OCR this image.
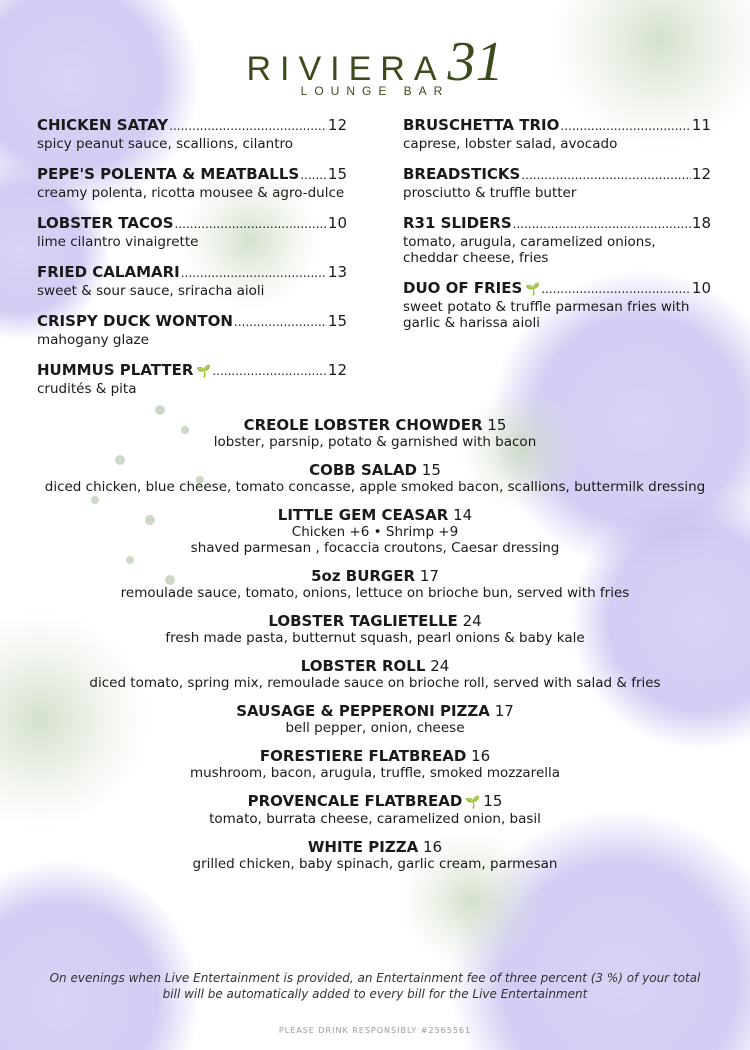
RIVIERA31
LOUNGE BAR
CHICKEN SATAY .....	12
spicy peanut sauce, scallions, cilantro
PEPE'S POLENTA & MEATBALLS ..... 15
creamy polenta, ricotta mousee & agro-dulce
LOBSTER TACOS .....	10
lime cilantro vinaigrette
FRIED CALAMARI .....	13
sweet & sour sauce, sriracha aioli
CRISPY DUCK WONTON .....	15
mahogany glaze
HUMMUS PLATTER 🌱 .....	12
crudités & pita
BRUSCHETTA TRIO .....	11
caprese, lobster salad, avocado
BREADSTICKS .....	12
prosciutto & truffle butter
R31 SLIDERS .....	18
tomato, arugula, caramelized onions, cheddar cheese, fries
DUO OF FRIES 🌱 .....	10
sweet potato & truffle parmesan fries with garlic & harissa aioli
CREOLE LOBSTER CHOWDER 15
lobster, parsnip, potato & garnished with bacon
COBB SALAD 15
diced chicken, blue cheese, tomato concasse, apple smoked bacon, scallions, buttermilk dressing
LITTLE GEM CEASAR 14
Chicken +6 • Shrimp +9
shaved parmesan , focaccia croutons, Caesar dressing
5oz BURGER 17
remoulade sauce, tomato, onions, lettuce on brioche bun, served with fries
LOBSTER TAGLIETELLE 24
fresh made pasta, butternut squash, pearl onions & baby kale
LOBSTER ROLL 24
diced tomato, spring mix, remoulade sauce on brioche roll, served with salad & fries
SAUSAGE & PEPPERONI PIZZA 17
bell pepper, onion, cheese
FORESTIERE FLATBREAD 16
mushroom, bacon, arugula, truffle, smoked mozzarella
PROVENCALE FLATBREAD 🌱 15
tomato, burrata cheese, caramelized onion, basil
WHITE PIZZA 16
grilled chicken, baby spinach, garlic cream, parmesan
On evenings when Live Entertainment is provided, an Entertainment fee of three percent (3 %) of your total bill will be automatically added to every bill for the Live Entertainment
PLEASE DRINK RESPONSIBLY #2565561
